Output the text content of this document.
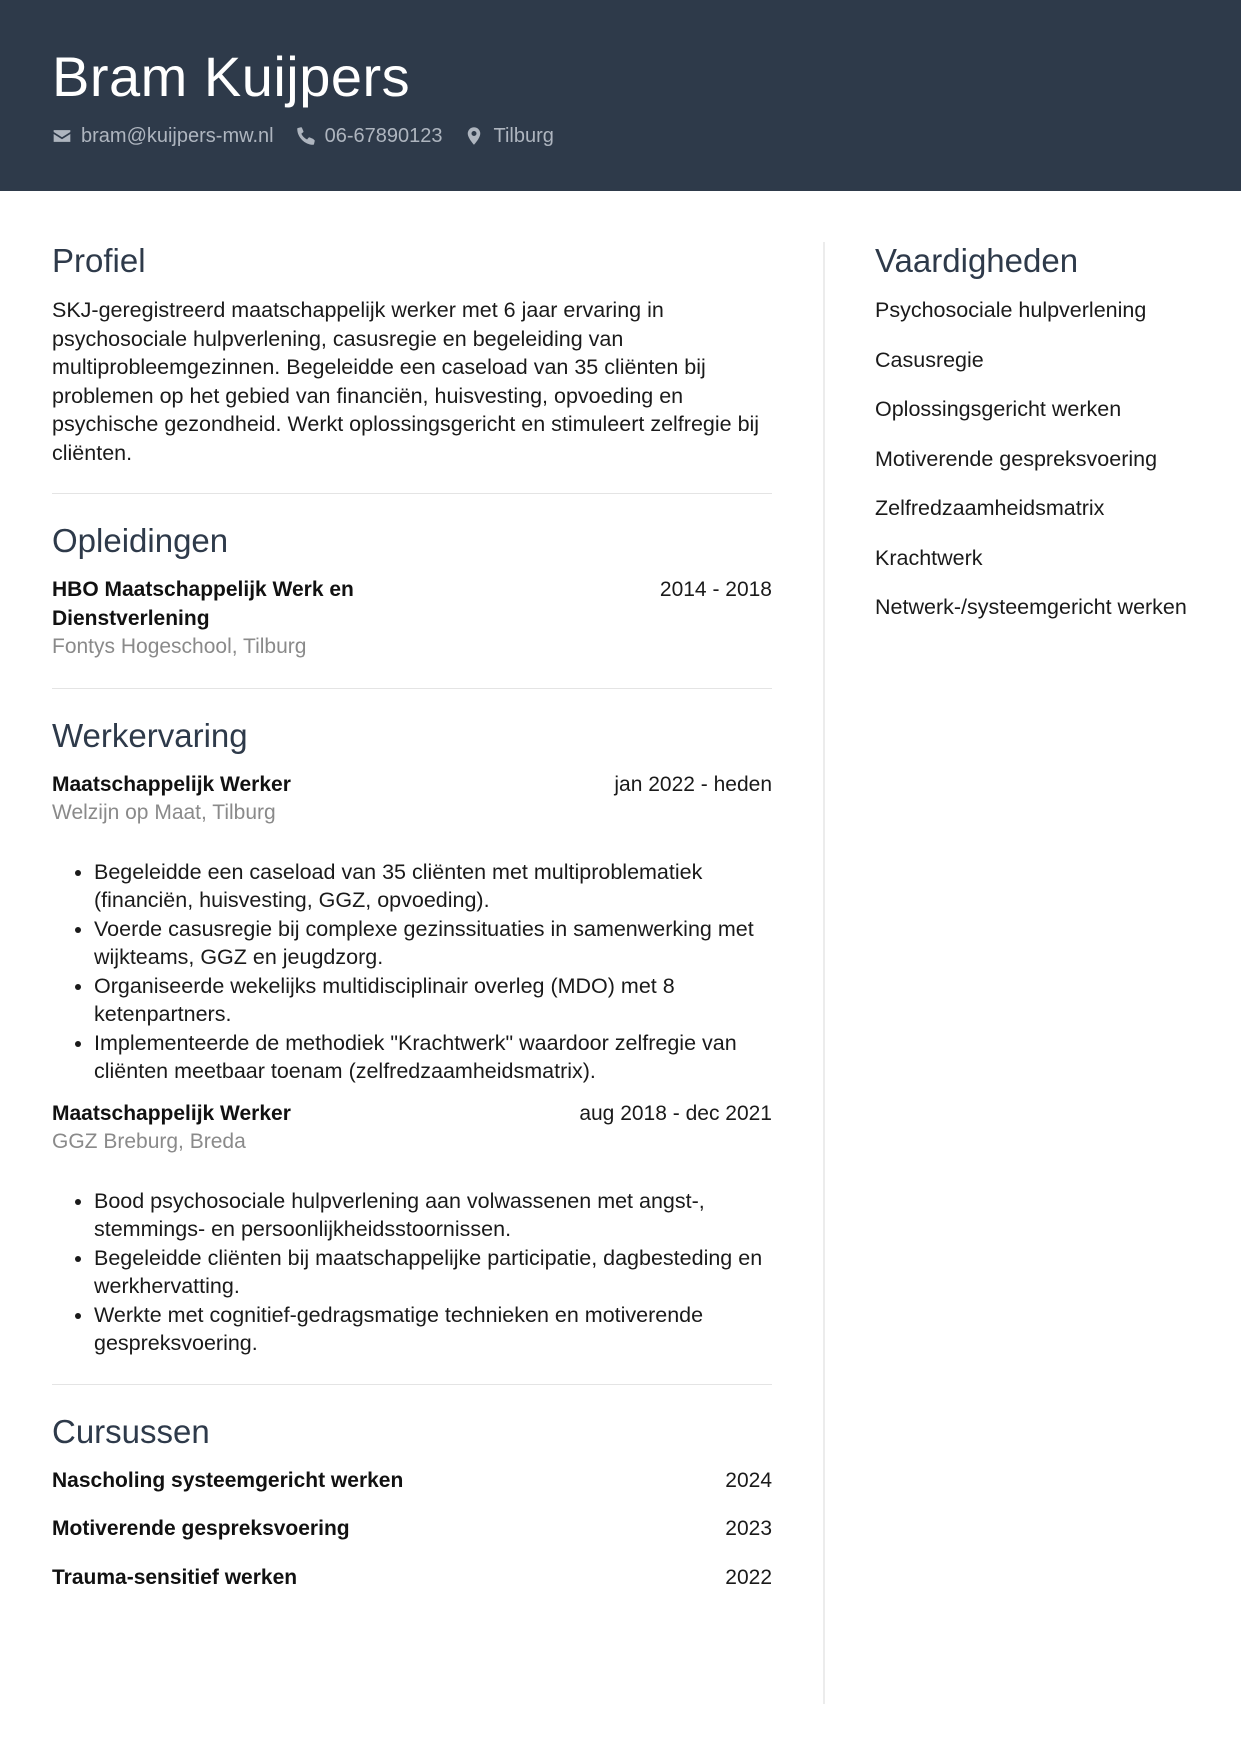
Bram Kuijpers
bram@kuijpers-mw.nl	06-67890123	Tilburg
Profiel
SKJ-geregistreerd maatschappelijk werker met 6 jaar ervaring in psychosociale hulpverlening, casusregie en begeleiding van multiprobleemgezinnen. Begeleidde een caseload van 35 cliënten bij problemen op het gebied van financiën, huisvesting, opvoeding en psychische gezondheid. Werkt oplossingsgericht en stimuleert zelfregie bij cliënten.
Opleidingen
HBO Maatschappelijk Werk en Dienstverlening
2014 - 2018
Fontys Hogeschool, Tilburg
Werkervaring
Maatschappelijk Werker	jan 2022 - heden
Welzijn op Maat, Tilburg
• Begeleidde een caseload van 35 cliënten met multiproblematiek (financiën, huisvesting, GGZ, opvoeding).
• Voerde casusregie bij complexe gezinssituaties in samenwerking met wijkteams, GGZ en jeugdzorg.
• Organiseerde wekelijks multidisciplinair overleg (MDO) met 8 ketenpartners.
• Implementeerde de methodiek "Krachtwerk" waardoor zelfregie van cliënten meetbaar toenam (zelfredzaamheidsmatrix).
Maatschappelijk Werker	aug 2018 - dec 2021
GGZ Breburg, Breda
• Bood psychosociale hulpverlening aan volwassenen met angst-, stemmings- en persoonlijkheidsstoornissen.
• Begeleidde cliënten bij maatschappelijke participatie, dagbesteding en werkhervatting.
• Werkte met cognitief-gedragsmatige technieken en motiverende gespreksvoering.
Cursussen
Nascholing systeemgericht werken	2024
Motiverende gespreksvoering	2023
Trauma-sensitief werken	2022
Vaardigheden
Psychosociale hulpverlening
Casusregie
Oplossingsgericht werken
Motiverende gespreksvoering
Zelfredzaamheidsmatrix
Krachtwerk
Netwerk-/systeemgericht werken
